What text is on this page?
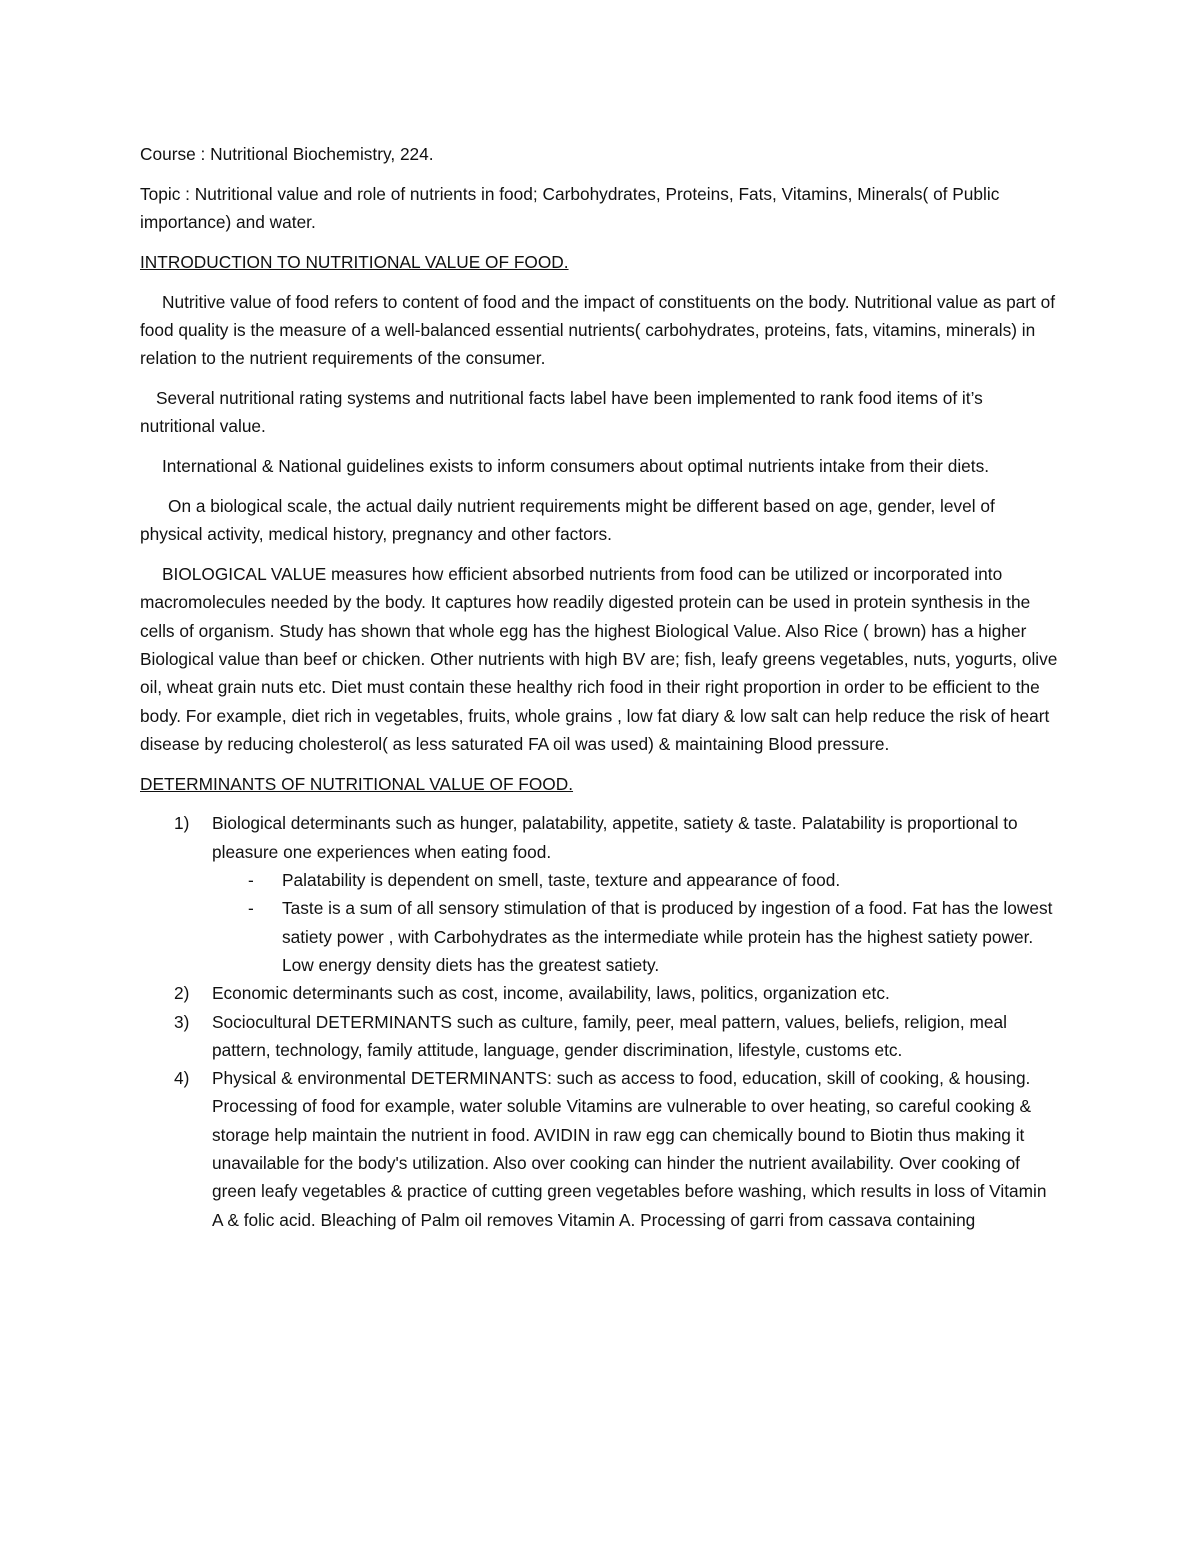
Course : Nutritional Biochemistry, 224.

Topic : Nutritional value and role of nutrients in food; Carbohydrates, Proteins, Fats, Vitamins, Minerals( of Public importance) and water.

INTRODUCTION TO NUTRITIONAL VALUE OF FOOD.

Nutritive value of food refers to content of food and the impact of constituents on the body. Nutritional value as part of food quality is the measure of a well-balanced essential nutrients( carbohydrates, proteins, fats, vitamins, minerals) in relation to the nutrient requirements of the consumer.

Several nutritional rating systems and nutritional facts label have been implemented to rank food items of it’s nutritional value.

International & National guidelines exists to inform consumers about optimal nutrients intake from their diets.

On a biological scale, the actual daily nutrient requirements might be different based on age, gender, level of physical activity, medical history, pregnancy and other factors.

BIOLOGICAL VALUE measures how efficient absorbed nutrients from food can be utilized or incorporated into macromolecules needed by the body. It captures how readily digested protein can be used in protein synthesis in the cells of organism. Study has shown that whole egg has the highest Biological Value. Also Rice ( brown) has a higher Biological value than beef or chicken. Other nutrients with high BV are; fish, leafy greens vegetables, nuts, yogurts, olive oil, wheat grain nuts etc. Diet must contain these healthy rich food in their right proportion in order to be efficient to the body. For example, diet rich in vegetables, fruits, whole grains , low fat diary & low salt can help reduce the risk of heart disease by reducing cholesterol( as less saturated FA oil was used) & maintaining Blood pressure.

DETERMINANTS OF NUTRITIONAL VALUE OF FOOD.

1) Biological determinants such as hunger, palatability, appetite, satiety & taste. Palatability is proportional to pleasure one experiences when eating food.
- Palatability is dependent on smell, taste, texture and appearance of food.
- Taste is a sum of all sensory stimulation of that is produced by ingestion of a food. Fat has the lowest satiety power , with Carbohydrates as the intermediate while protein has the highest satiety power. Low energy density diets has the greatest satiety.
2) Economic determinants such as cost, income, availability, laws, politics, organization etc.
3) Sociocultural DETERMINANTS such as culture, family, peer, meal pattern, values, beliefs, religion, meal pattern, technology, family attitude, language, gender discrimination, lifestyle, customs etc.
4) Physical & environmental DETERMINANTS: such as access to food, education, skill of cooking, & housing. Processing of food for example, water soluble Vitamins are vulnerable to over heating, so careful cooking & storage help maintain the nutrient in food. AVIDIN in raw egg can chemically bound to Biotin thus making it unavailable for the body's utilization. Also over cooking can hinder the nutrient availability. Over cooking of green leafy vegetables & practice of cutting green vegetables before washing, which results in loss of Vitamin A & folic acid. Bleaching of Palm oil removes Vitamin A. Processing of garri from cassava containing
